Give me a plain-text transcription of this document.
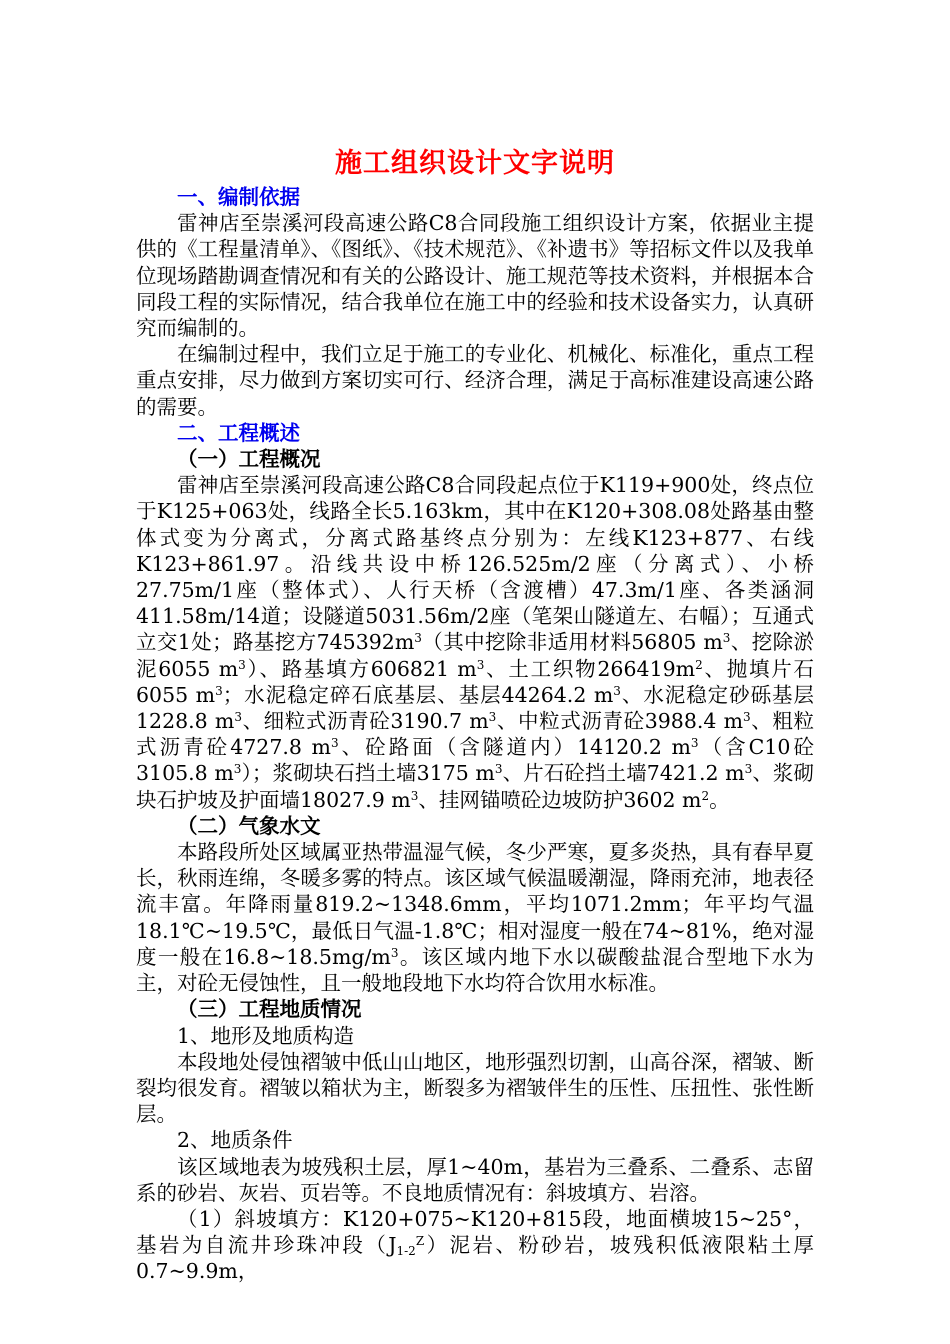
施工组织设计文字说明

一、编制依据

雷神店至崇溪河段高速公路C8合同段施工组织设计方案，依据业主提供的《工程量清单》、《图纸》、《技术规范》、《补遗书》等招标文件以及我单位现场踏勘调查情况和有关的公路设计、施工规范等技术资料，并根据本合同段工程的实际情况，结合我单位在施工中的经验和技术设备实力，认真研究而编制的。

在编制过程中，我们立足于施工的专业化、机械化、标准化，重点工程重点安排，尽力做到方案切实可行、经济合理，满足于高标准建设高速公路的需要。

二、工程概述

（一）工程概况

雷神店至崇溪河段高速公路C8合同段起点位于K119+900处，终点位于K125+063处，线路全长5.163km，其中在K120+308.08处路基由整体式变为分离式，分离式路基终点分别为：左线K123+877、右线K123+861.97。沿线共设中桥126.525m/2座（分离式）、小桥27.75m/1座（整体式）、人行天桥（含渡槽）47.3m/1座、各类涵洞411.58m/14道；设隧道5031.56m/2座（笔架山隧道左、右幅）；互通式立交1处；路基挖方$745392m^3$（其中挖除非适用材料56805 $m^3$、挖除淤泥6055 $m^3$）、路基填方606821 $m^3$、土工织物$266419m^2$、抛填片石6055 $m^3$；水泥稳定碎石底基层、基层44264.2 $m^3$、水泥稳定砂砾基层1228.8 $m^3$、细粒式沥青砼3190.7 $m^3$、中粒式沥青砼3988.4 $m^3$、粗粒式沥青砼4727.8 $m^3$、砼路面（含隧道内）14120.2 $m^3$（含C10砼3105.8 $m^3$）；浆砌块石挡土墙3175 $m^3$、片石砼挡土墙7421.2 $m^3$、浆砌块石护坡及护面墙18027.9 $m^3$、挂网锚喷砼边坡防护3602 $m^2$。

（二）气象水文

本路段所处区域属亚热带温湿气候，冬少严寒，夏多炎热，具有春早夏长，秋雨连绵，冬暖多雾的特点。该区域气候温暖潮湿，降雨充沛，地表径流丰富。年降雨量819.2~1348.6mm，平均1071.2mm；年平均气温18.1℃~19.5℃，最低日气温-1.8℃；相对湿度一般在74~81%，绝对湿度一般在$16.8\sim 18.5mg/m^3$。该区域内地下水以碳酸盐混合型地下水为主，对砼无侵蚀性，且一般地段地下水均符合饮用水标准。

（三）工程地质情况

1、地形及地质构造

本段地处侵蚀褶皱中低山山地区，地形强烈切割，山高谷深，褶皱、断裂均很发育。褶皱以箱状为主，断裂多为褶皱伴生的压性、压扭性、张性断层。

2、地质条件

该区域地表为坡残积土层，厚1~40m，基岩为三叠系、二叠系、志留系的砂岩、灰岩、页岩等。不良地质情况有：斜坡填方、岩溶。

（1）斜坡填方：K120+075~K120+815段，地面横坡15~25°，基岩为自流井珍珠冲段$(J_{1-2}^Z)$泥岩、粉砂岩，坡残积低液限粘土厚0.7~9.9m，
